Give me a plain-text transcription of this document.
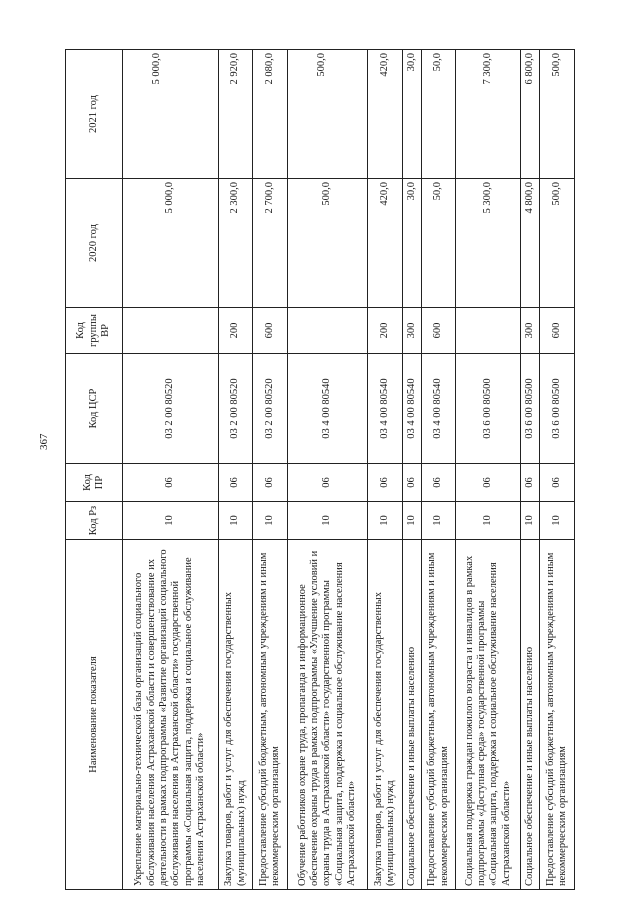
367
Наименование показателя	Код Рз	Код ПР	Код ЦСР	Код группы ВР	2020 год	2021 год
Укрепление материально-технической базы организаций социального обслуживания населения Астраханской области и совершенствование их деятельности в рамках подпрограммы «Развитие организаций социального обслуживания населения в Астраханской области» государственной программы «Социальная защита, поддержка и социальное обслуживание населения Астраханской области»	10	06	03 2 00 80520		5 000,0	5 000,0
Закупка товаров, работ и услуг для обеспечения государственных (муниципальных) нужд	10	06	03 2 00 80520	200	2 300,0	2 920,0
Предоставление субсидий бюджетным, автономным учреждениям и иным некоммерческим организациям	10	06	03 2 00 80520	600	2 700,0	2 080,0
Обучение работников охране труда, пропаганда и информационное обеспечение охраны труда в рамках подпрограммы «Улучшение условий и охраны труда в Астраханской области» государственной программы «Социальная защита, поддержка и социальное обслуживание населения Астраханской области»	10	06	03 4 00 80540		500,0	500,0
Закупка товаров, работ и услуг для обеспечения государственных (муниципальных) нужд	10	06	03 4 00 80540	200	420,0	420,0
Социальное обеспечение и иные выплаты населению	10	06	03 4 00 80540	300	30,0	30,0
Предоставление субсидий бюджетным, автономным учреждениям и иным некоммерческим организациям	10	06	03 4 00 80540	600	50,0	50,0
Социальная поддержка граждан пожилого возраста и инвалидов в рамках подпрограммы «Доступная среда» государственной программы «Социальная защита, поддержка и социальное обслуживание населения Астраханской области»	10	06	03 6 00 80500		5 300,0	7 300,0
Социальное обеспечение и иные выплаты населению	10	06	03 6 00 80500	300	4 800,0	6 800,0
Предоставление субсидий бюджетным, автономным учреждениям и иным некоммерческим организациям	10	06	03 6 00 80500	600	500,0	500,0
